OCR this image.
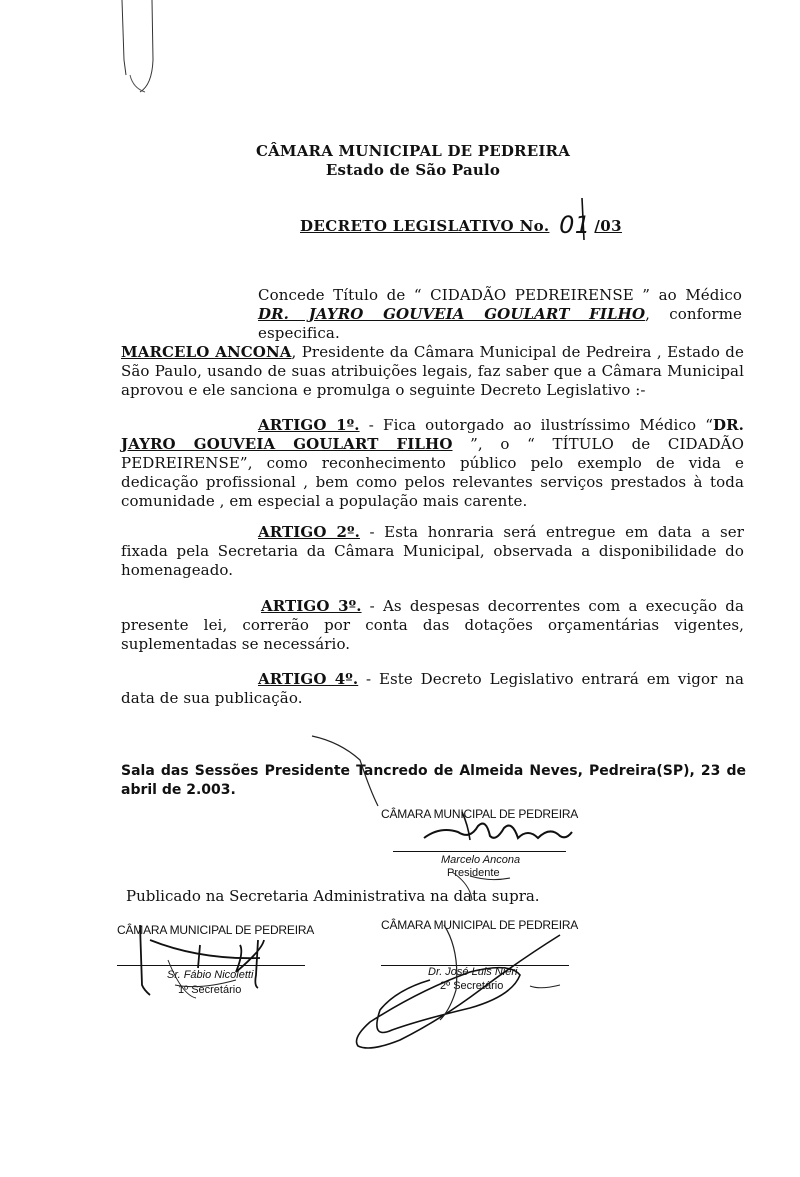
CÂMARA MUNICIPAL DE PEDREIRA
Estado de São Paulo
DECRETO LEGISLATIVO No. 01 /03

Concede Título de “ CIDADÃO PEDREIRENSE ” ao Médico

DR. JAYRO GOUVEIA GOULART FILHO, conforme especifica.

MARCELO ANCONA, Presidente da Câmara Municipal de Pedreira , Estado de São Paulo, usando de suas atribuições legais, faz saber que a Câmara Municipal aprovou e ele sanciona e promulga o seguinte Decreto Legislativo :-

ARTIGO 1º. - Fica outorgado ao ilustríssimo Médico “DR. JAYRO GOUVEIA GOULART FILHO ”, o “ TÍTULO de CIDADÃO PEDREIRENSE”, como reconhecimento público pelo exemplo de vida e dedicação profissional , bem como pelos relevantes serviços prestados à toda comunidade , em especial a população mais carente.

ARTIGO 2º. - Esta honraria será entregue em data a ser fixada pela Secretaria da Câmara Municipal, observada a disponibilidade do homenageado.

ARTIGO 3º. - As despesas decorrentes com a execução da presente lei, correrão por conta das dotações orçamentárias vigentes, suplementadas se necessário.

ARTIGO 4º. - Este Decreto Legislativo entrará em vigor na data de sua publicação.

Sala das Sessões Presidente Tancredo de Almeida Neves, Pedreira(SP), 23 de abril de 2.003.
CÂMARA MUNICIPAL DE PEDREIRA
Marcelo Ancona
Presidente
Publicado na Secretaria Administrativa na data supra.
CÂMARA MUNICIPAL DE PEDREIRA
Sr. Fábio Nicoletti
1º Secretário
CÂMARA MUNICIPAL DE PEDREIRA
Dr. José Luis Nieri
2º Secretário
